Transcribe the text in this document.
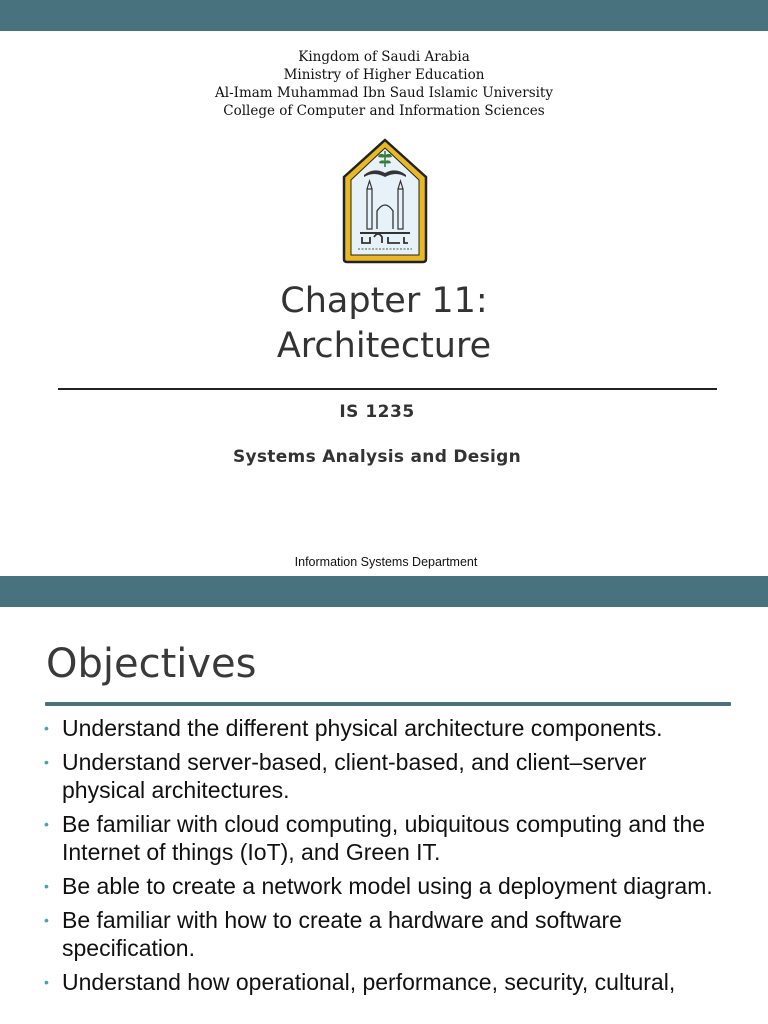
Kingdom of Saudi Arabia
Ministry of Higher Education
Al-Imam Muhammad Ibn Saud Islamic University
College of Computer and Information Sciences
Chapter 11:
Architecture
IS 1235
Systems Analysis and Design
Information Systems Department
Objectives
• Understand the different physical architecture components.
• Understand server-based, client-based, and client–server physical architectures.
• Be familiar with cloud computing, ubiquitous computing and the Internet of things (IoT), and Green IT.
• Be able to create a network model using a deployment diagram.
• Be familiar with how to create a hardware and software specification.
• Understand how operational, performance, security, cultural,
